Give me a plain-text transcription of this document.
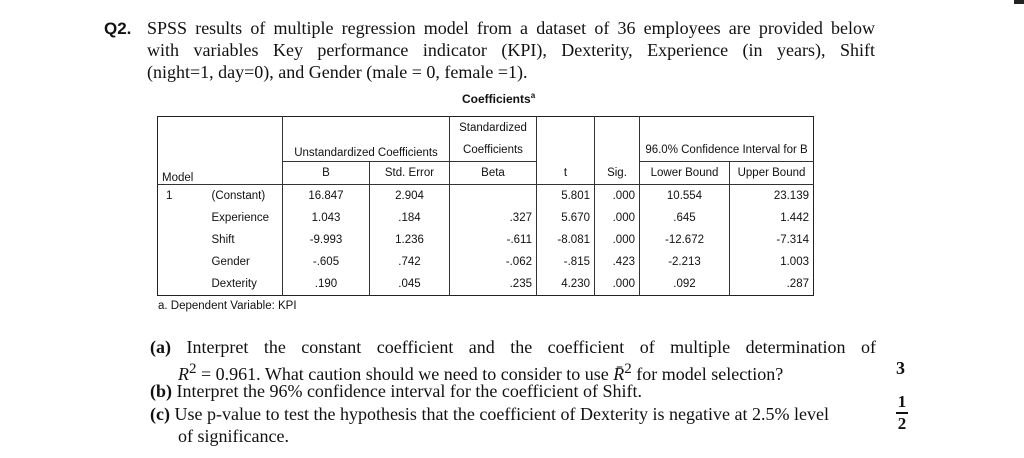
Q2. SPSS results of multiple regression model from a dataset of 36 employees are provided below
with variables Key performance indicator (KPI), Dexterity, Experience (in years), Shift
(night=1, day=0), and Gender (male = 0, female =1).
Coefficients$^a$
		Unstandardized Coefficients		Standardized				
				Coefficients			96.0% Confidence Interval for B	
Model		B	Std. Error	Beta	t	Sig.	Lower Bound	Upper Bound
1	(Constant)	16.847	2.904		5.801	.000	10.554	23.139
	Experience	1.043	.184	.327	5.670	.000	.645	1.442
	Shift	-9.993	1.236	-.611	-8.081	.000	-12.672	-7.314
	Gender	-.605	.742	-.062	-.815	.423	-2.213	1.003
	Dexterity	.190	.045	.235	4.230	.000	.092	.287
a. Dependent Variable: KPI
(a) Interpret the constant coefficient and the coefficient of multiple determination of
$R^2 = 0.961$. What caution should we need to consider to use R̄$^2$ for model selection?	3
(b) Interpret the 96% confidence interval for the coefficient of Shift.
(c) Use p-value to test the hypothesis that the coefficient of Dexterity is negative at 2.5% level
of significance.
1
2
